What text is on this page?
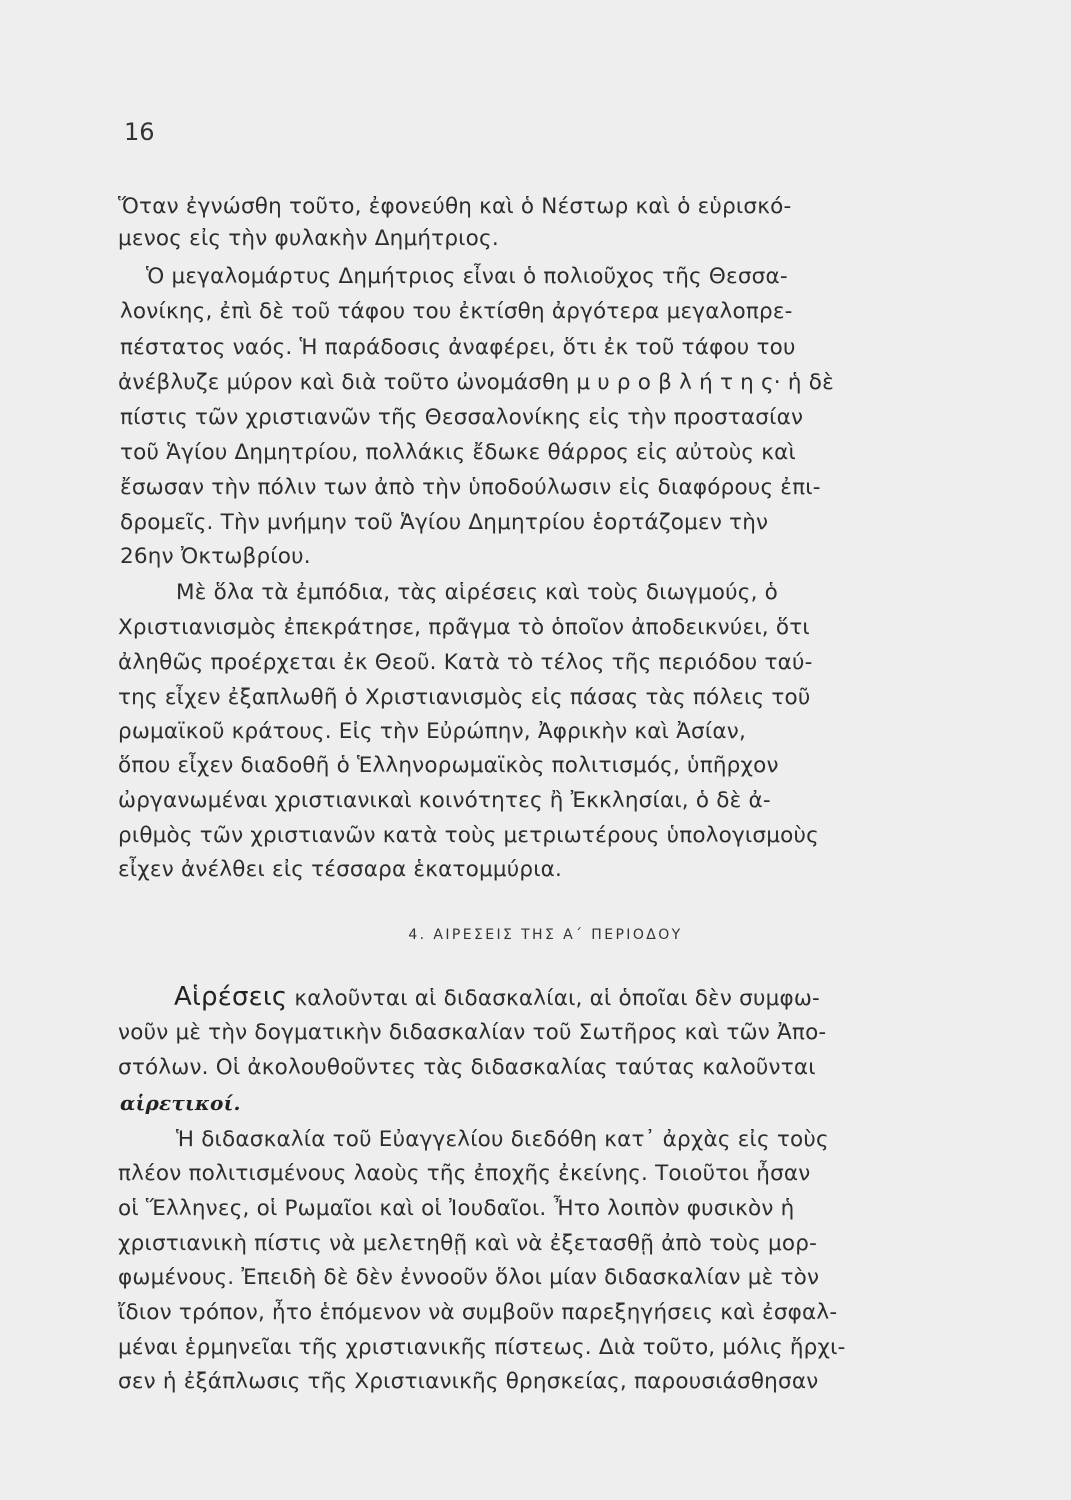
16
Ὅταν ἐγνώσθη τοῦτο, ἐφονεύθη καὶ ὁ Νέστωρ καὶ ὁ εὑρισκό-
μενος εἰς τὴν φυλακὴν Δημήτριος.
Ὁ μεγαλομάρτυς Δημήτριος εἶναι ὁ πολιοῦχος τῆς Θεσσα-
λονίκης, ἐπὶ δὲ τοῦ τάφου του ἐκτίσθη ἀργότερα μεγαλοπρε-
πέστατος ναός. Ἡ παράδοσις ἀναφέρει, ὅτι ἐκ τοῦ τάφου του
ἀνέβλυζε μύρον καὶ διὰ τοῦτο ὠνομάσθη μ υ ρ ο β λ ή τ η ς· ἡ δὲ
πίστις τῶν χριστιανῶν τῆς Θεσσαλονίκης εἰς τὴν προστασίαν
τοῦ Ἁγίου Δημητρίου, πολλάκις ἔδωκε θάρρος εἰς αὐτοὺς καὶ
ἔσωσαν τὴν πόλιν των ἀπὸ τὴν ὑποδούλωσιν εἰς διαφόρους ἐπι-
δρομεῖς. Τὴν μνήμην τοῦ Ἁγίου Δημητρίου ἑορτάζομεν τὴν
26ην Ὀκτωβρίου.
Μὲ ὅλα τὰ ἐμπόδια, τὰς αἱρέσεις καὶ τοὺς διωγμούς, ὁ
Χριστιανισμὸς ἐπεκράτησε, πρᾶγμα τὸ ὁποῖον ἀποδεικνύει, ὅτι
ἀληθῶς προέρχεται ἐκ Θεοῦ. Κατὰ τὸ τέλος τῆς περιόδου ταύ-
της εἶχεν ἐξαπλωθῆ ὁ Χριστιανισμὸς εἰς πάσας τὰς πόλεις τοῦ
ρωμαϊκοῦ κράτους. Εἰς τὴν Εὐρώπην, Ἀφρικὴν καὶ Ἀσίαν,
ὅπου εἶχεν διαδοθῆ ὁ Ἑλληνορωμαϊκὸς πολιτισμός, ὑπῆρχον
ὠργανωμέναι χριστιανικαὶ κοινότητες ἢ Ἐκκλησίαι, ὁ δὲ ἀ-
ριθμὸς τῶν χριστιανῶν κατὰ τοὺς μετριωτέρους ὑπολογισμοὺς
εἶχεν ἀνέλθει εἰς τέσσαρα ἑκατομμύρια.
4. ΑΙΡΕΣΕΙΣ ΤΗΣ Α΄ ΠΕΡΙΟΔΟΥ
Αἱρέσεις καλοῦνται αἱ διδασκαλίαι, αἱ ὁποῖαι δὲν συμφω-
νοῦν μὲ τὴν δογματικὴν διδασκαλίαν τοῦ Σωτῆρος καὶ τῶν Ἀπο-
στόλων. Οἱ ἀκολουθοῦντες τὰς διδασκαλίας ταύτας καλοῦνται
αἱρετικοί.
Ἡ διδασκαλία τοῦ Εὐαγγελίου διεδόθη κατ᾽ ἀρχὰς εἰς τοὺς
πλέον πολιτισμένους λαοὺς τῆς ἐποχῆς ἐκείνης. Τοιοῦτοι ἦσαν
οἱ Ἕλληνες, οἱ Ρωμαῖοι καὶ οἱ Ἰουδαῖοι. Ἦτο λοιπὸν φυσικὸν ἡ
χριστιανικὴ πίστις νὰ μελετηθῇ καὶ νὰ ἐξετασθῇ ἀπὸ τοὺς μορ-
φωμένους. Ἐπειδὴ δὲ δὲν ἐννοοῦν ὅλοι μίαν διδασκαλίαν μὲ τὸν
ἴδιον τρόπον, ἦτο ἑπόμενον νὰ συμβοῦν παρεξηγήσεις καὶ ἐσφαλ-
μέναι ἑρμηνεῖαι τῆς χριστιανικῆς πίστεως. Διὰ τοῦτο, μόλις ἤρχι-
σεν ἡ ἐξάπλωσις τῆς Χριστιανικῆς θρησκείας, παρουσιάσθησαν
